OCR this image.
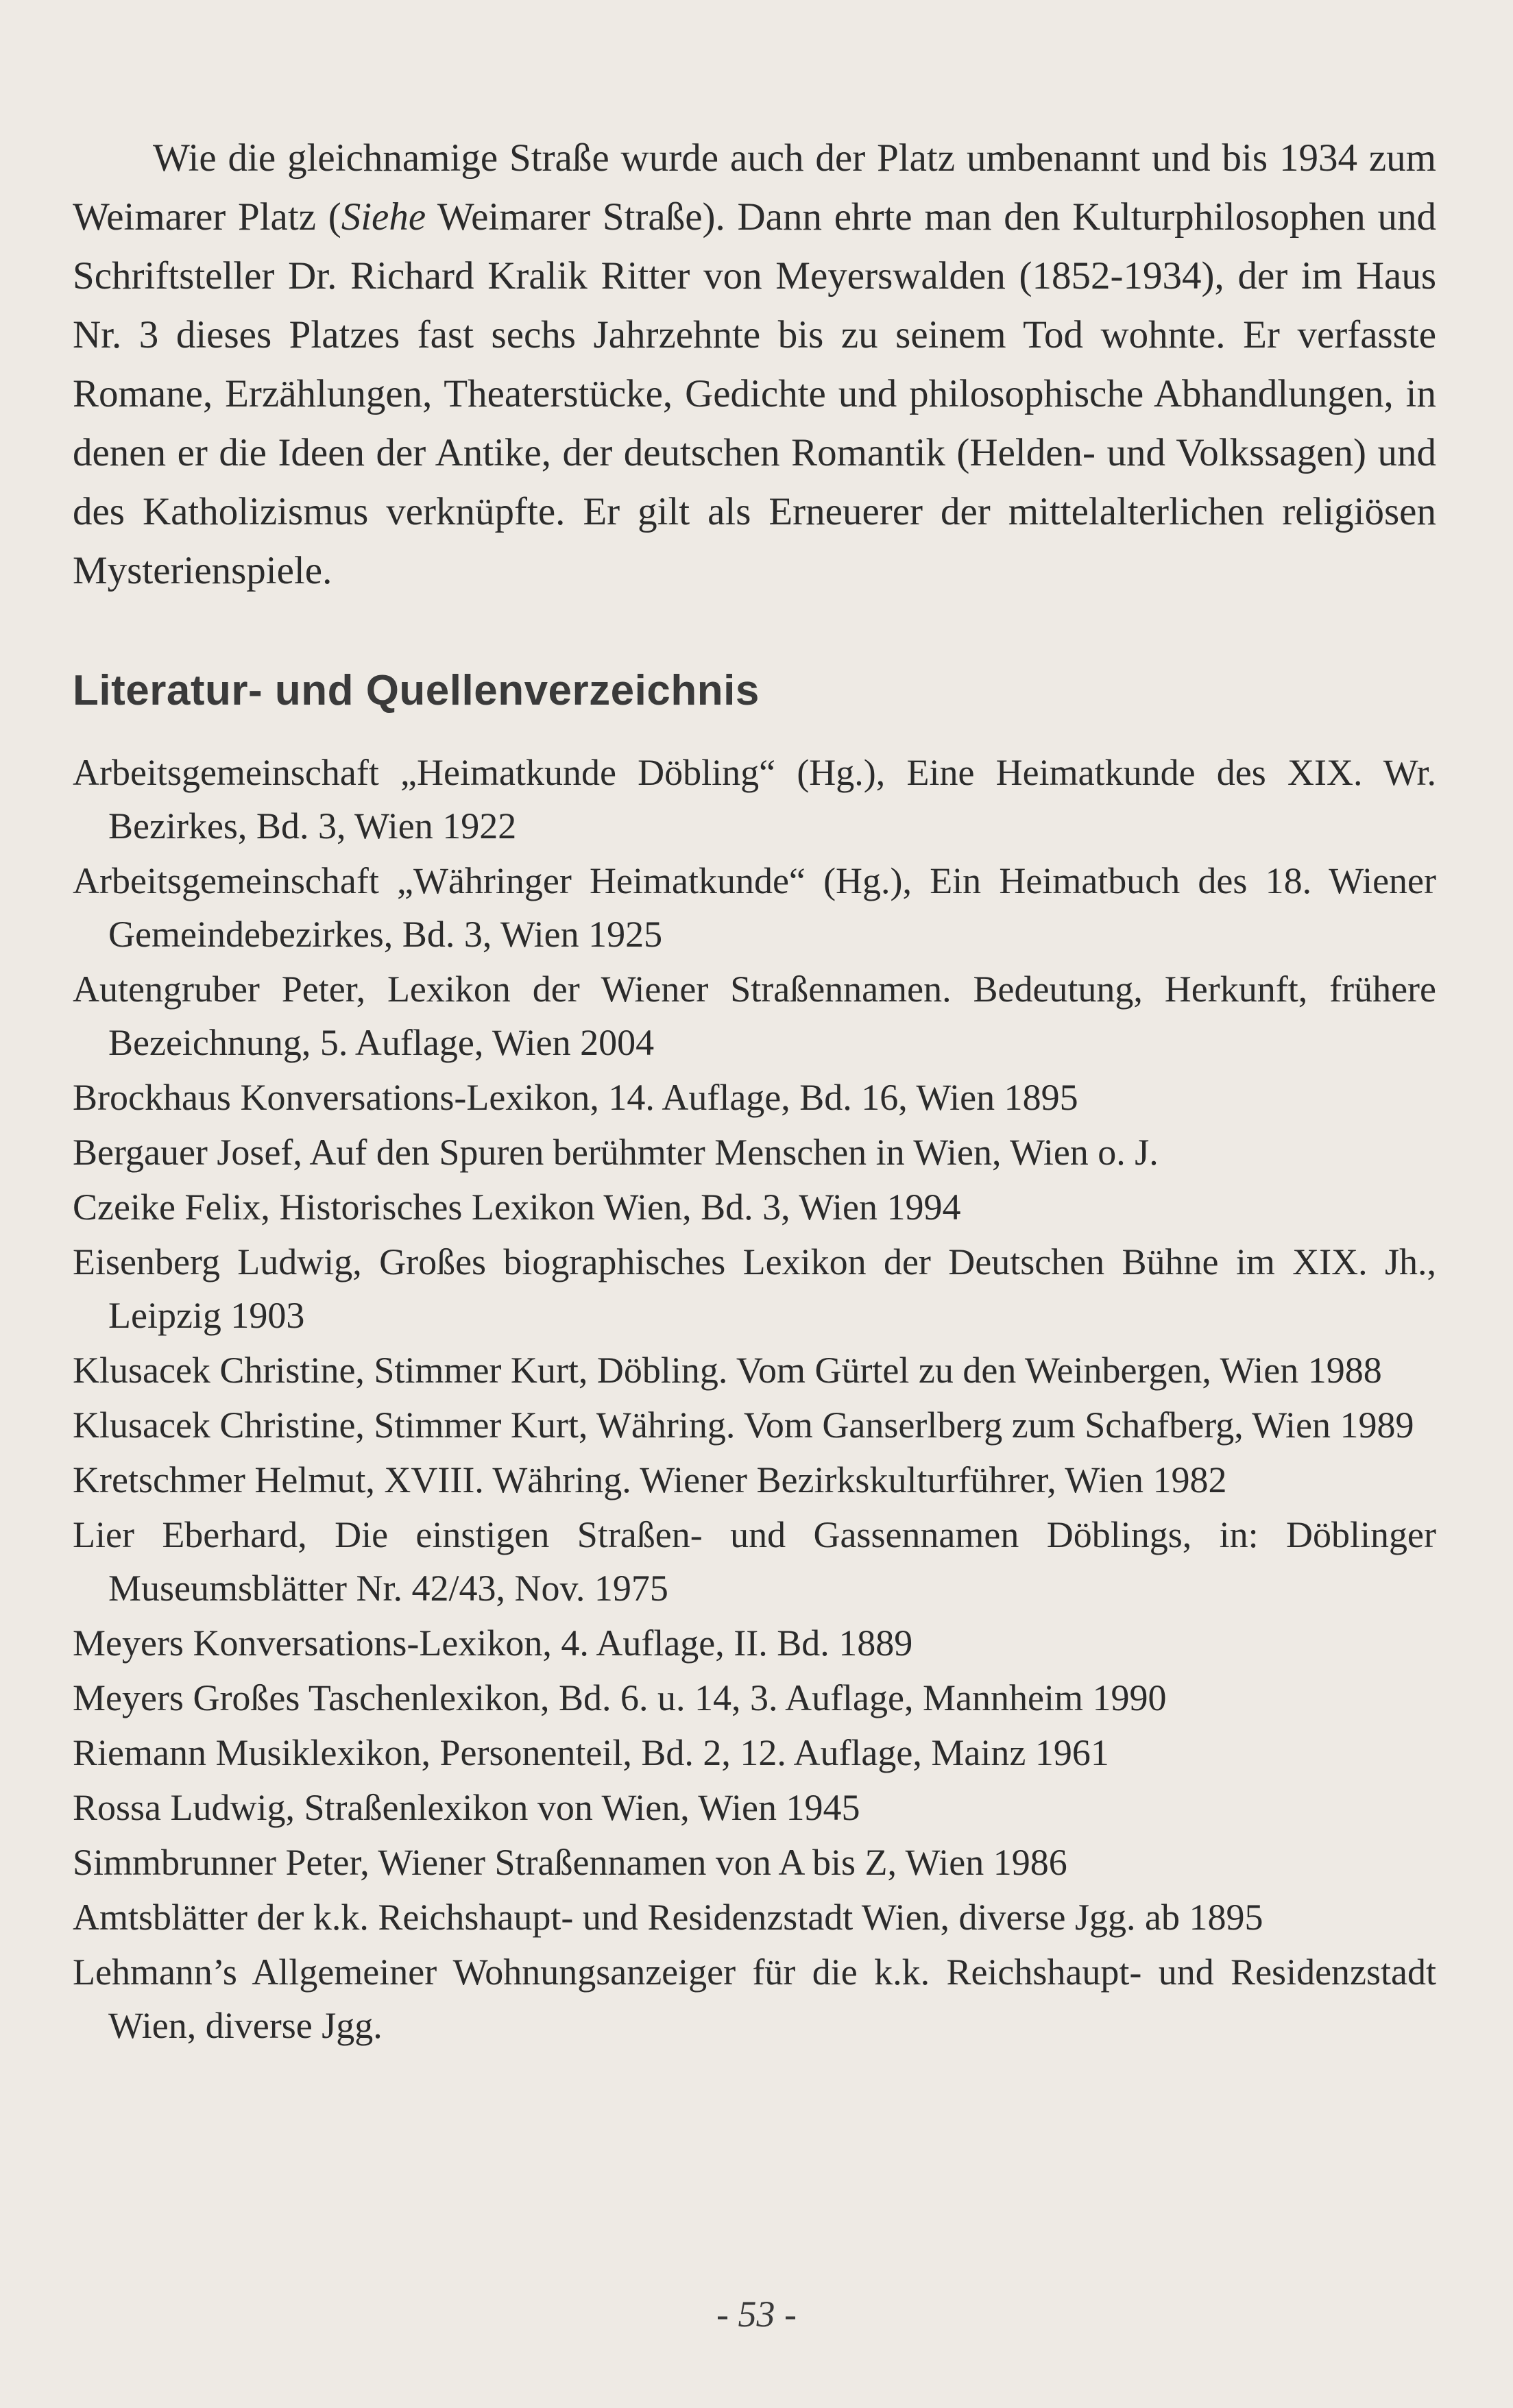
Wie die gleichnamige Straße wurde auch der Platz umbenannt und bis 1934 zum Weimarer Platz (Siehe Weimarer Straße). Dann ehrte man den Kulturphilosophen und Schriftsteller Dr. Richard Kralik Ritter von Meyerswalden (1852-1934), der im Haus Nr. 3 dieses Platzes fast sechs Jahrzehnte bis zu seinem Tod wohnte. Er verfasste Romane, Erzählungen, Theaterstücke, Gedichte und philosophische Abhandlungen, in denen er die Ideen der Antike, der deutschen Romantik (Helden- und Volkssagen) und des Katholizismus verknüpfte. Er gilt als Erneuerer der mittelalterlichen religiösen Mysterienspiele.

Literatur- und Quellenverzeichnis
Arbeitsgemeinschaft „Heimatkunde Döbling“ (Hg.), Eine Heimatkunde des XIX. Wr. Bezirkes, Bd. 3, Wien 1922
Arbeitsgemeinschaft „Währinger Heimatkunde“ (Hg.), Ein Heimatbuch des 18. Wiener Gemeindebezirkes, Bd. 3, Wien 1925
Autengruber Peter, Lexikon der Wiener Straßennamen. Bedeutung, Herkunft, frühere Bezeichnung, 5. Auflage, Wien 2004
Brockhaus Konversations-Lexikon, 14. Auflage, Bd. 16, Wien 1895
Bergauer Josef, Auf den Spuren berühmter Menschen in Wien, Wien o. J.
Czeike Felix, Historisches Lexikon Wien, Bd. 3, Wien 1994
Eisenberg Ludwig, Großes biographisches Lexikon der Deutschen Bühne im XIX. Jh., Leipzig 1903
Klusacek Christine, Stimmer Kurt, Döbling. Vom Gürtel zu den Weinbergen, Wien 1988
Klusacek Christine, Stimmer Kurt, Währing. Vom Ganserlberg zum Schafberg, Wien 1989
Kretschmer Helmut, XVIII. Währing. Wiener Bezirkskulturführer, Wien 1982
Lier Eberhard, Die einstigen Straßen- und Gassennamen Döblings, in: Döblinger Museumsblätter Nr. 42/43, Nov. 1975
Meyers Konversations-Lexikon, 4. Auflage, II. Bd. 1889
Meyers Großes Taschenlexikon, Bd. 6. u. 14, 3. Auflage, Mannheim 1990
Riemann Musiklexikon, Personenteil, Bd. 2, 12. Auflage, Mainz 1961
Rossa Ludwig, Straßenlexikon von Wien, Wien 1945
Simmbrunner Peter, Wiener Straßennamen von A bis Z, Wien 1986
Amtsblätter der k.k. Reichshaupt- und Residenzstadt Wien, diverse Jgg. ab 1895
Lehmann’s Allgemeiner Wohnungsanzeiger für die k.k. Reichshaupt- und Residenzstadt Wien, diverse Jgg.
- 53 -
